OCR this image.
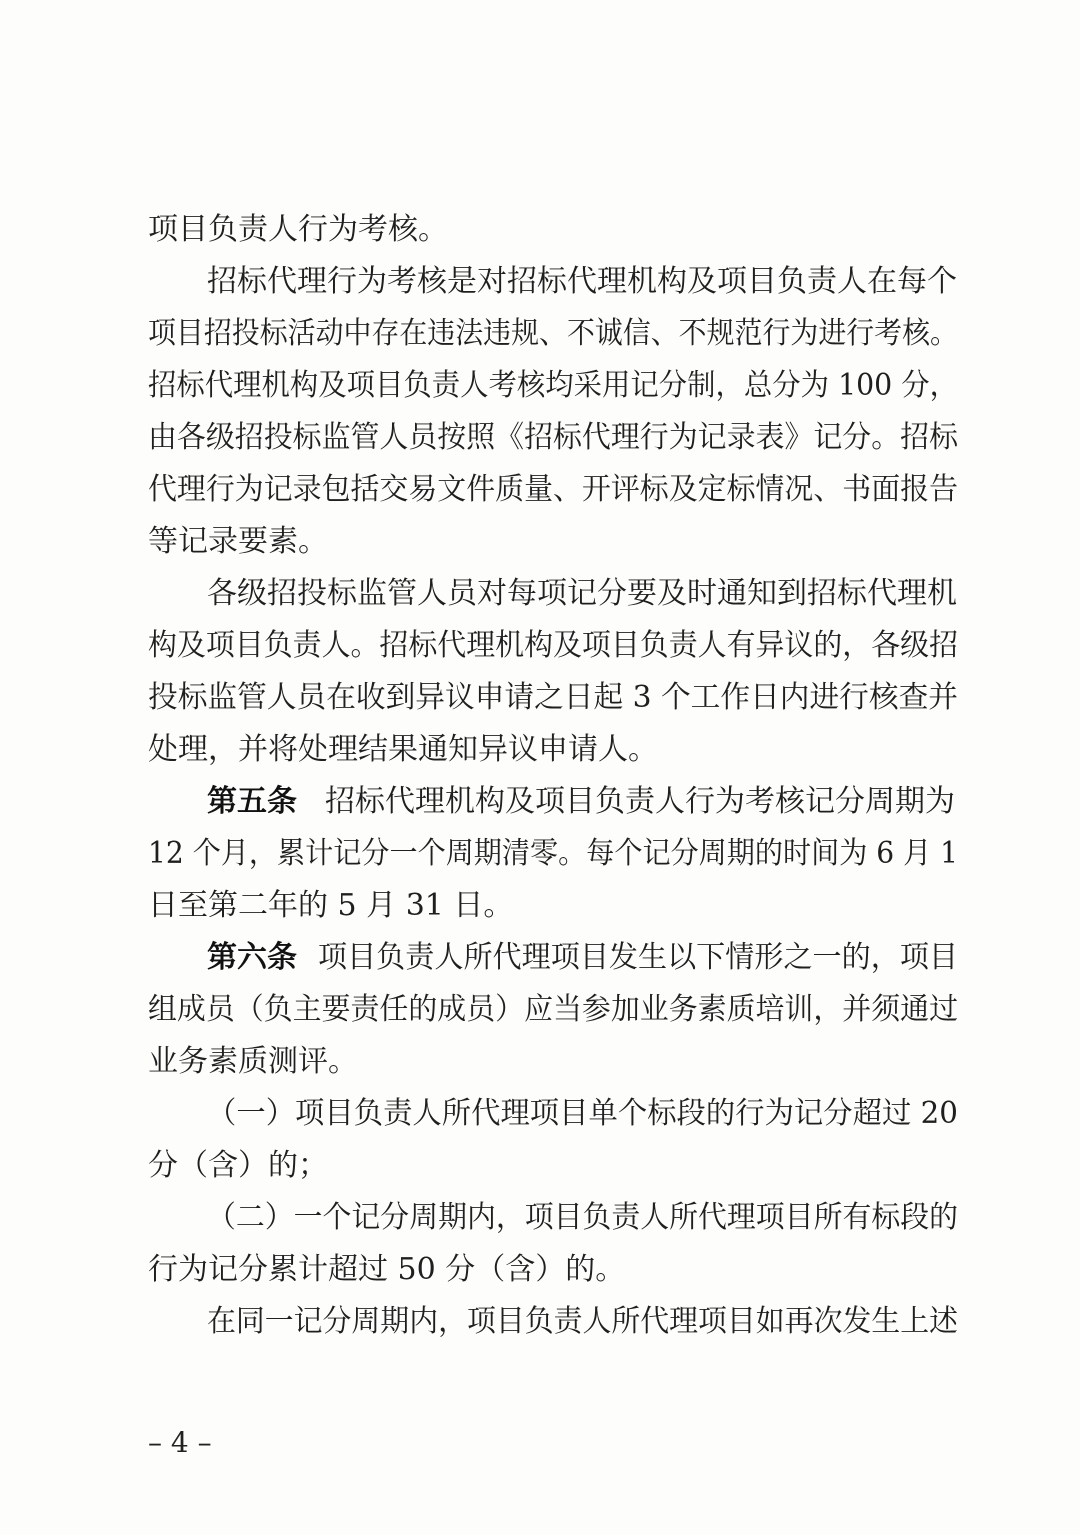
项目负责人行为考核。
招标代理行为考核是对招标代理机构及项目负责人在每个
项目招投标活动中存在违法违规、不诚信、不规范行为进行考核。
招标代理机构及项目负责人考核均采用记分制，总分为 100 分，
由各级招投标监管人员按照《招标代理行为记录表》记分。招标
代理行为记录包括交易文件质量、开评标及定标情况、书面报告
等记录要素。
各级招投标监管人员对每项记分要及时通知到招标代理机
构及项目负责人。招标代理机构及项目负责人有异议的，各级招
投标监管人员在收到异议申请之日起 3 个工作日内进行核查并
处理，并将处理结果通知异议申请人。
第五条 招标代理机构及项目负责人行为考核记分周期为
12 个月，累计记分一个周期清零。每个记分周期的时间为 6 月 1
日至第二年的 5 月 31 日。
第六条 项目负责人所代理项目发生以下情形之一的，项目
组成员（负主要责任的成员）应当参加业务素质培训，并须通过
业务素质测评。
（一）项目负责人所代理项目单个标段的行为记分超过 20
分（含）的；
（二）一个记分周期内，项目负责人所代理项目所有标段的
行为记分累计超过 50 分（含）的。
在同一记分周期内，项目负责人所代理项目如再次发生上述
– 4 –
